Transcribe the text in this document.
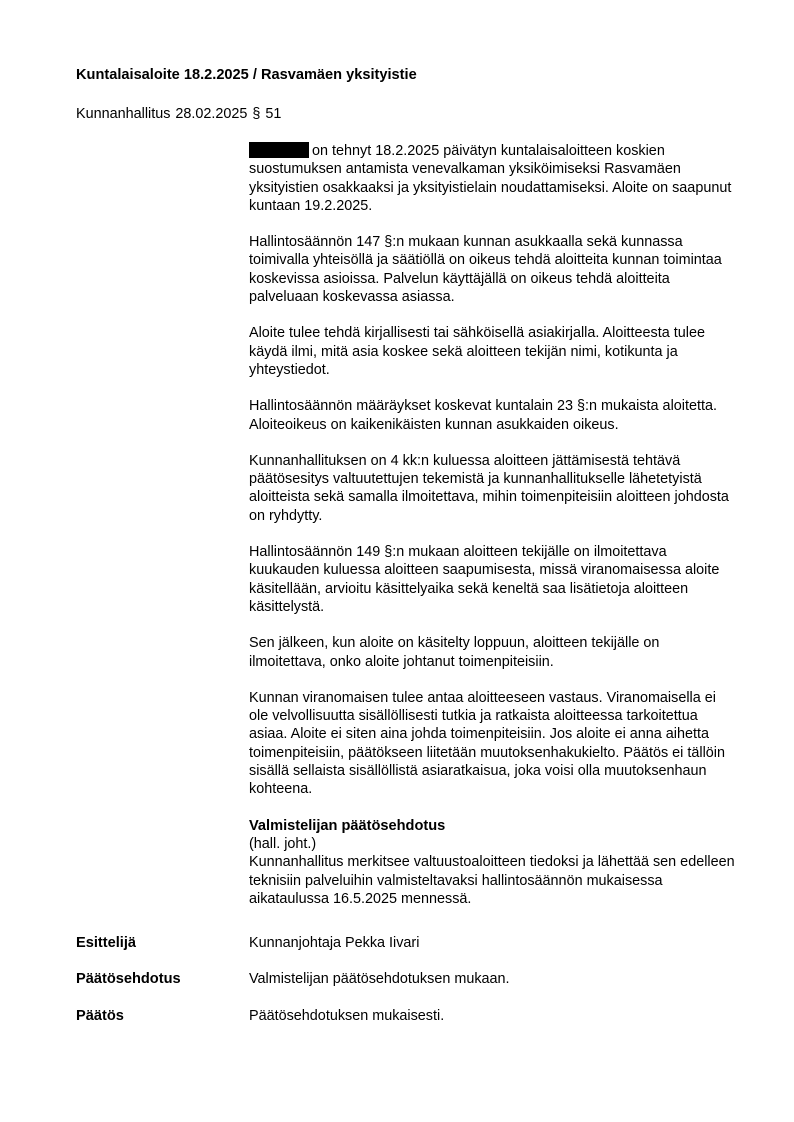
Kuntalaisaloite 18.2.2025 / Rasvamäen yksityistie
Kunnanhallitus 28.02.2025 § 51

on tehnyt 18.2.2025 päivätyn kuntalaisaloitteen koskien suostumuksen antamista venevalkaman yksiköimiseksi Rasvamäen yksityistien osakkaaksi ja yksityistielain noudattamiseksi. Aloite on saapunut kuntaan 19.2.2025.

Hallintosäännön 147 §:n mukaan kunnan asukkaalla sekä kunnassa toimivalla yhteisöllä ja säätiöllä on oikeus tehdä aloitteita kunnan toimintaa koskevissa asioissa. Palvelun käyttäjällä on oikeus tehdä aloitteita palveluaan koskevassa asiassa.

Aloite tulee tehdä kirjallisesti tai sähköisellä asiakirjalla. Aloitteesta tulee käydä ilmi, mitä asia koskee sekä aloitteen tekijän nimi, kotikunta ja yhteystiedot.

Hallintosäännön määräykset koskevat kuntalain 23 §:n mukaista aloitetta. Aloiteoikeus on kaikenikäisten kunnan asukkaiden oikeus.

Kunnanhallituksen on 4 kk:n kuluessa aloitteen jättämisestä tehtävä päätösesitys valtuutettujen tekemistä ja kunnanhallitukselle lähetetyistä aloitteista sekä samalla ilmoitettava, mihin toimenpiteisiin aloitteen johdosta on ryhdytty.

Hallintosäännön 149 §:n mukaan aloitteen tekijälle on ilmoitettava kuukauden kuluessa aloitteen saapumisesta, missä viranomaisessa aloite käsitellään, arvioitu käsittelyaika sekä keneltä saa lisätietoja aloitteen käsittelystä.

Sen jälkeen, kun aloite on käsitelty loppuun, aloitteen tekijälle on ilmoitettava, onko aloite johtanut toimenpiteisiin.

Kunnan viranomaisen tulee antaa aloitteeseen vastaus. Viranomaisella ei ole velvollisuutta sisällöllisesti tutkia ja ratkaista aloitteessa tarkoitettua asiaa. Aloite ei siten aina johda toimenpiteisiin. Jos aloite ei anna aihetta toimenpiteisiin, päätökseen liitetään muutoksenhakukielto. Päätös ei tällöin sisällä sellaista sisällöllistä asiaratkaisua, joka voisi olla muutoksenhaun kohteena.

Valmistelijan päätösehdotus
(hall. joht.)
Kunnanhallitus merkitsee valtuustoaloitteen tiedoksi ja lähettää sen edelleen teknisiin palveluihin valmisteltavaksi hallintosäännön mukaisessa aikataulussa 16.5.2025 mennessä.
Esittelijä	Kunnanjohtaja Pekka Iivari
Päätösehdotus	Valmistelijan päätösehdotuksen mukaan.
Päätös	Päätösehdotuksen mukaisesti.
